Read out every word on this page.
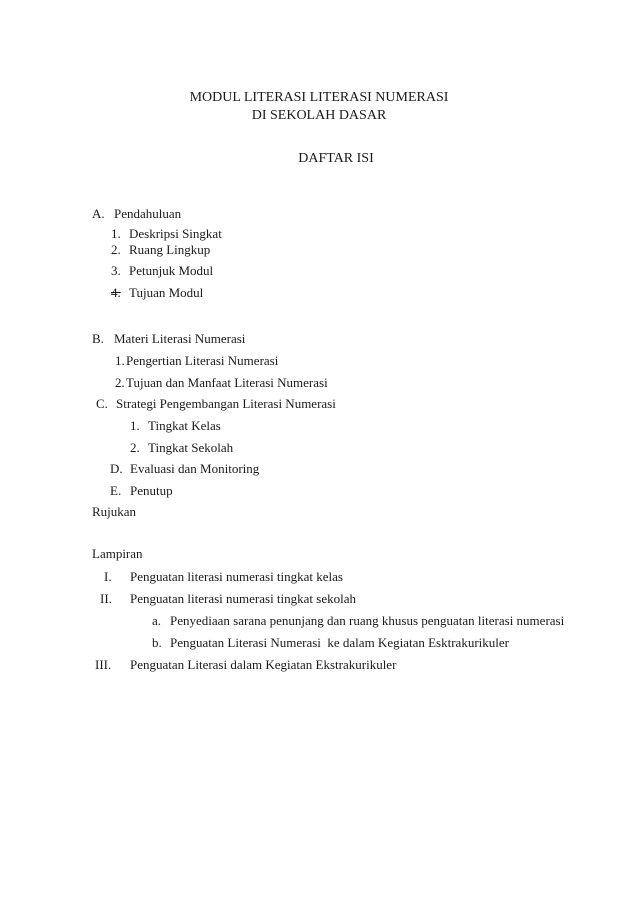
MODUL LITERASI LITERASI NUMERASI
DI SEKOLAH DASAR
DAFTAR ISI
A. Pendahuluan
1. Deskripsi Singkat
2. Ruang Lingkup
3. Petunjuk Modul
4. Tujuan Modul
B. Materi Literasi Numerasi
1. Pengertian Literasi Numerasi
2. Tujuan dan Manfaat Literasi Numerasi
C. Strategi Pengembangan Literasi Numerasi
1. Tingkat Kelas
2. Tingkat Sekolah
D. Evaluasi dan Monitoring
E. Penutup
Rujukan
Lampiran
I. Penguatan literasi numerasi tingkat kelas
II. Penguatan literasi numerasi tingkat sekolah
a. Penyediaan sarana penunjang dan ruang khusus penguatan literasi numerasi
b. Penguatan Literasi Numerasi  ke dalam Kegiatan Esktrakurikuler
III. Penguatan Literasi dalam Kegiatan Ekstrakurikuler
